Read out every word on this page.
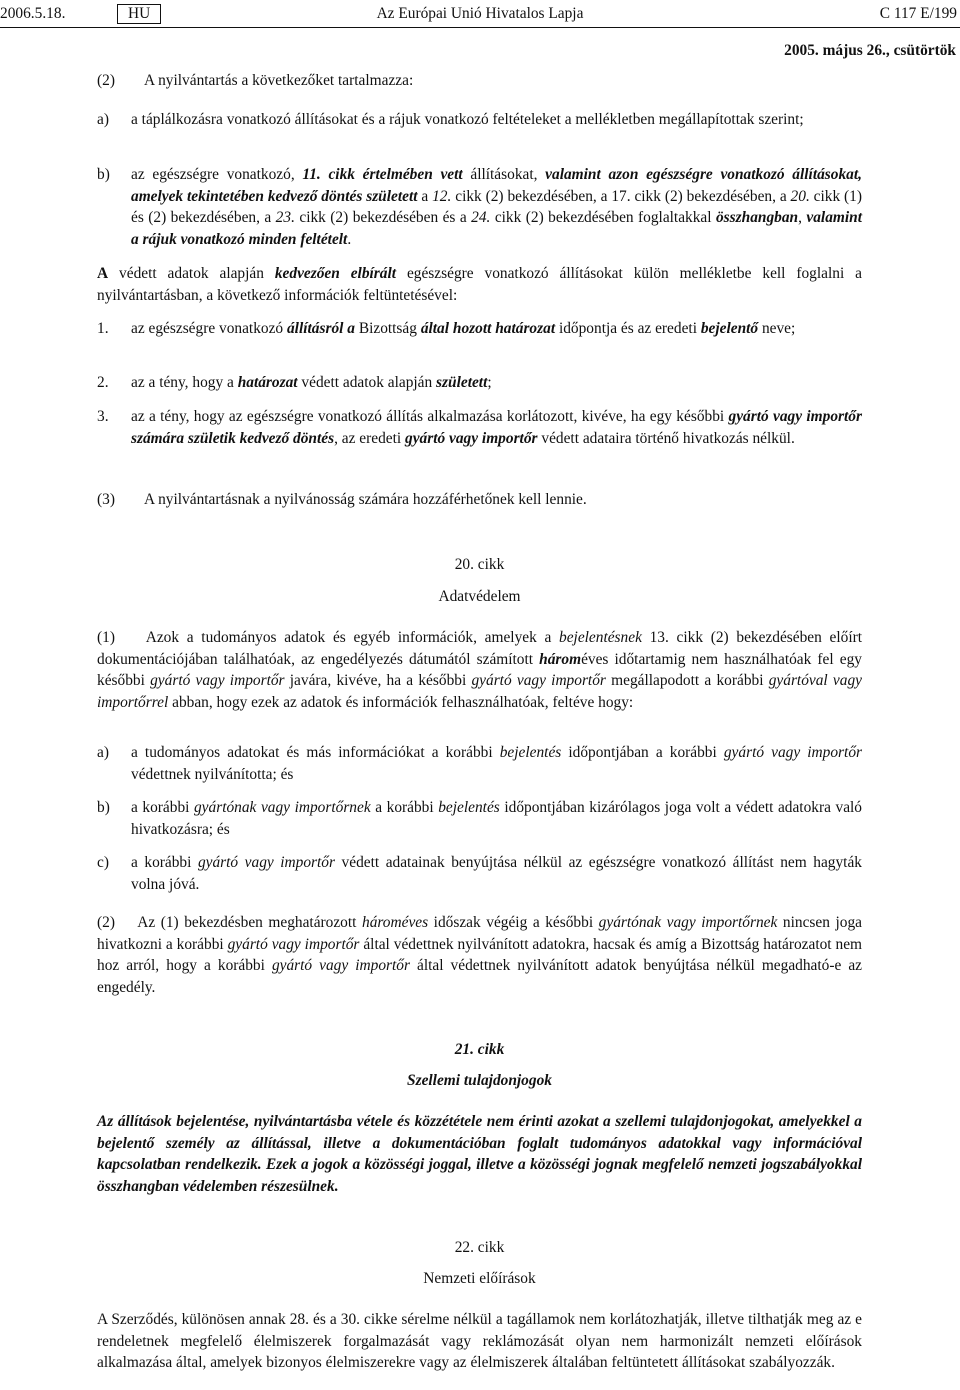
2006.5.18.	HU	Az Európai Unió Hivatalos Lapja	C 117 E/199
2005. május 26., csütörtök
(2) A nyilvántartás a következőket tartalmazza:
a) a táplálkozásra vonatkozó állításokat és a rájuk vonatkozó feltételeket a mellékletben megállapítottak szerint;
b) az egészségre vonatkozó, 11. cikk értelmében vett állításokat, valamint azon egészségre vonatkozó állításokat, amelyek tekintetében kedvező döntés született a 12. cikk (2) bekezdésében, a 17. cikk (2) bekezdésében, a 20. cikk (1) és (2) bekezdésében, a 23. cikk (2) bekezdésében és a 24. cikk (2) bekezdésében foglaltakkal összhangban, valamint a rájuk vonatkozó minden feltételt.
A védett adatok alapján kedvezően elbírált egészségre vonatkozó állításokat külön mellékletbe kell foglalni a nyilvántartásban, a következő információk feltüntetésével:
1. az egészségre vonatkozó állításról a Bizottság által hozott határozat időpontja és az eredeti bejelentő neve;
2. az a tény, hogy a határozat védett adatok alapján született;
3. az a tény, hogy az egészségre vonatkozó állítás alkalmazása korlátozott, kivéve, ha egy későbbi gyártó vagy importőr számára születik kedvező döntés, az eredeti gyártó vagy importőr védett adataira történő hivatkozás nélkül.
(3) A nyilvántartásnak a nyilvánosság számára hozzáférhetőnek kell lennie.
20. cikk
Adatvédelem
(1) Azok a tudományos adatok és egyéb információk, amelyek a bejelentésnek 13. cikk (2) bekezdésében előírt dokumentációjában találhatóak, az engedélyezés dátumától számított hároméves időtartamig nem használhatóak fel egy későbbi gyártó vagy importőr javára, kivéve, ha a későbbi gyártó vagy importőr megállapodott a korábbi gyártóval vagy importőrrel abban, hogy ezek az adatok és információk felhasználhatóak, feltéve hogy:
a) a tudományos adatokat és más információkat a korábbi bejelentés időpontjában a korábbi gyártó vagy importőr védettnek nyilvánította; és
b) a korábbi gyártónak vagy importőrnek a korábbi bejelentés időpontjában kizárólagos joga volt a védett adatokra való hivatkozásra; és
c) a korábbi gyártó vagy importőr védett adatainak benyújtása nélkül az egészségre vonatkozó állítást nem hagyták volna jóvá.
(2) Az (1) bekezdésben meghatározott hároméves időszak végéig a későbbi gyártónak vagy importőrnek nincsen joga hivatkozni a korábbi gyártó vagy importőr által védettnek nyilvánított adatokra, hacsak és amíg a Bizottság határozatot nem hoz arról, hogy a korábbi gyártó vagy importőr által védettnek nyilvánított adatok benyújtása nélkül megadható-e az engedély.
21. cikk
Szellemi tulajdonjogok
Az állítások bejelentése, nyilvántartásba vétele és közzététele nem érinti azokat a szellemi tulajdonjogokat, amelyekkel a bejelentő személy az állítással, illetve a dokumentációban foglalt tudományos adatokkal vagy információval kapcsolatban rendelkezik. Ezek a jogok a közösségi joggal, illetve a közösségi jognak megfelelő nemzeti jogszabályokkal összhangban védelemben részesülnek.
22. cikk
Nemzeti előírások
A Szerződés, különösen annak 28. és a 30. cikke sérelme nélkül a tagállamok nem korlátozhatják, illetve tilthatják meg az e rendeletnek megfelelő élelmiszerek forgalmazását vagy reklámozását olyan nem harmonizált nemzeti előírások alkalmazása által, amelyek bizonyos élelmiszerekre vagy az élelmiszerek általában feltüntetett állításokat szabályozzák.
